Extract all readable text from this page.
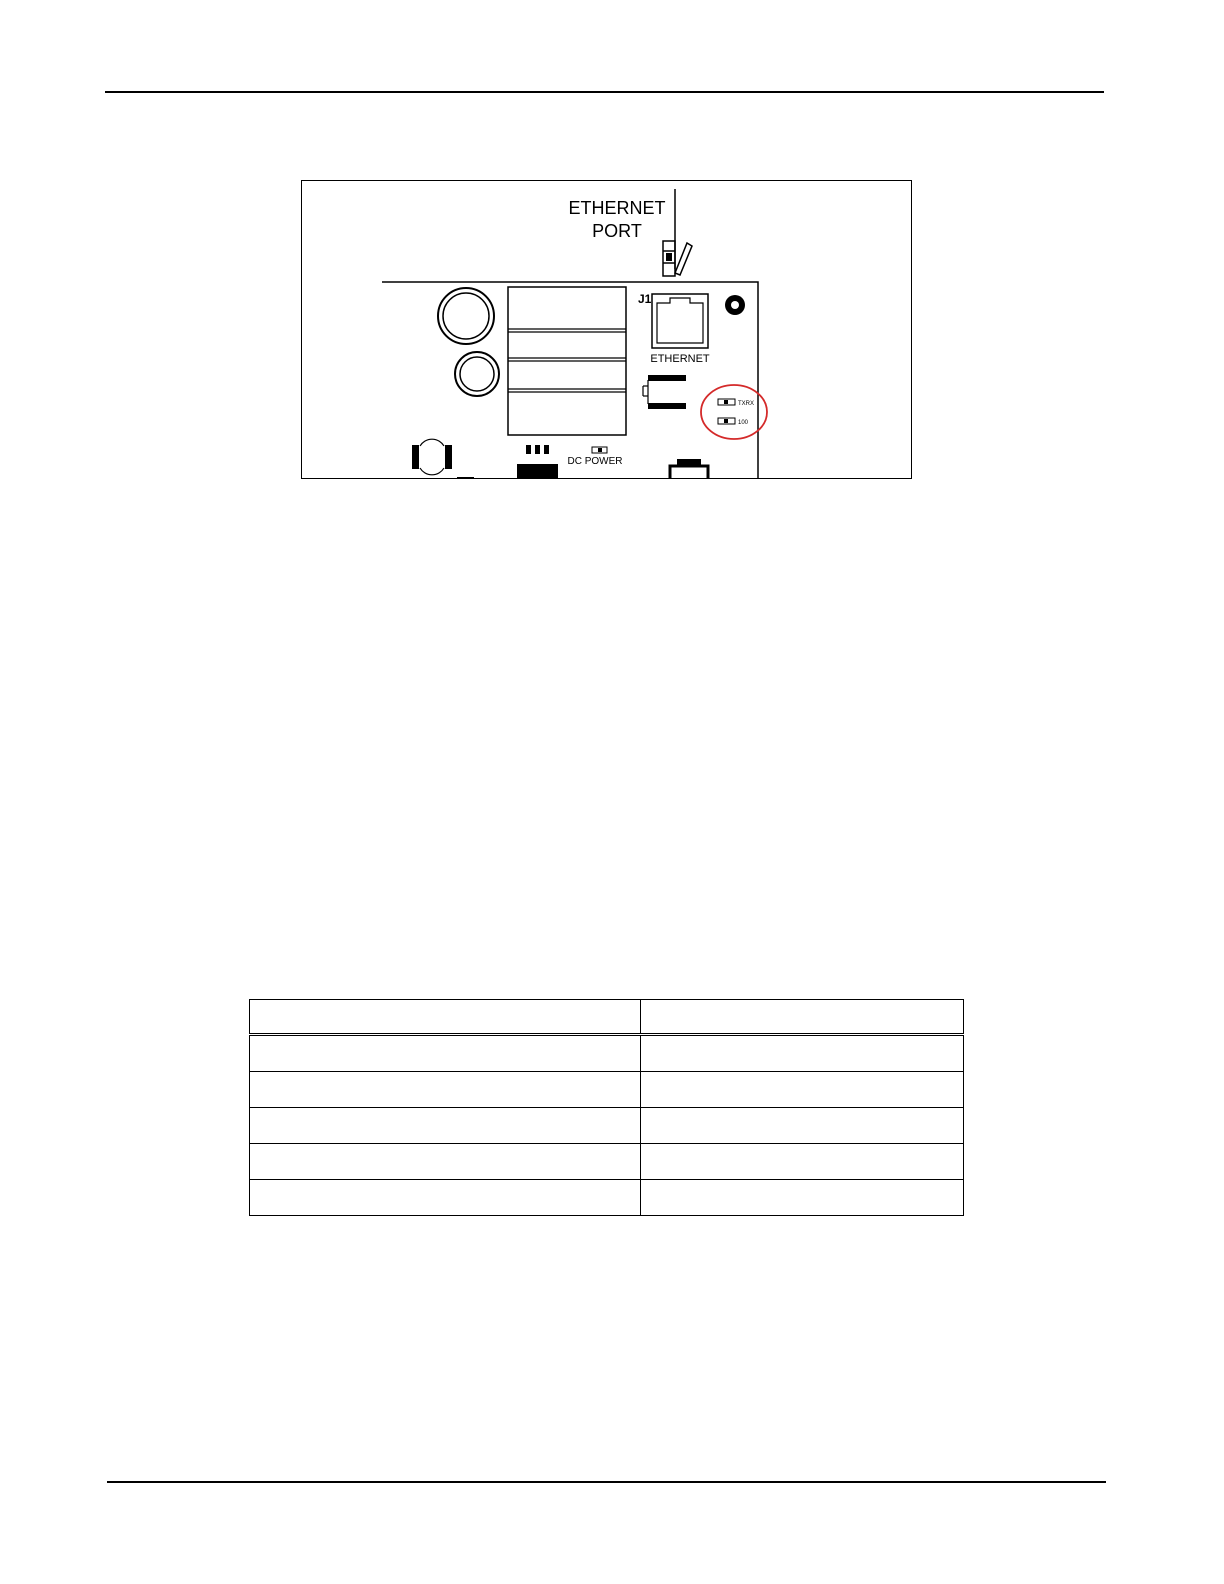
ETHERNET
PORT
J1
ETHERNET
TXRX
100
DC POWER
